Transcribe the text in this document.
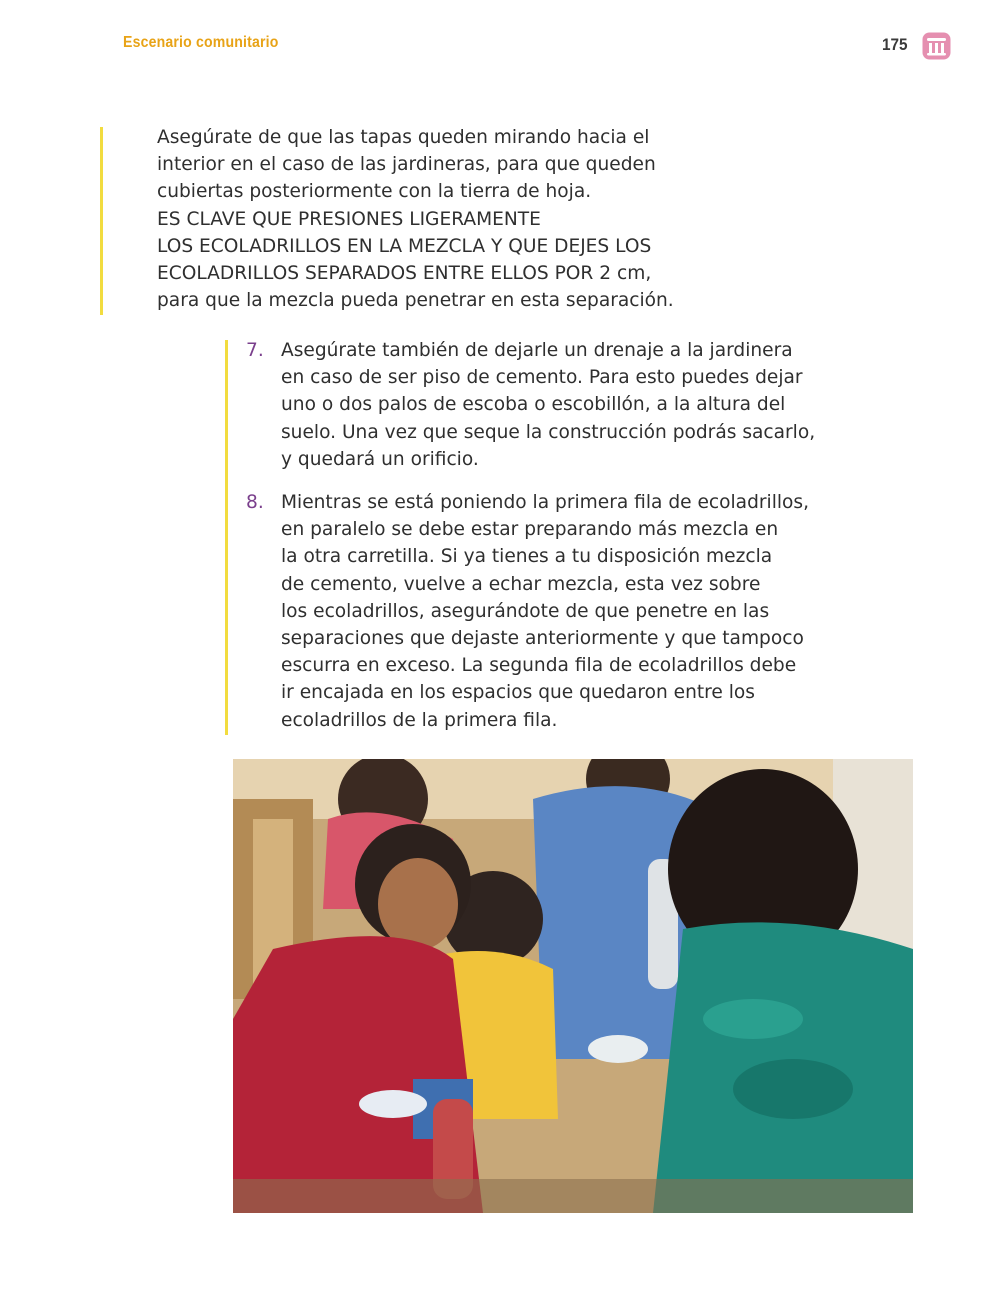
Escenario comunitario	175
Asegúrate de que las tapas queden mirando hacia el
interior en el caso de las jardineras, para que queden
cubiertas posteriormente con la tierra de hoja.
ES CLAVE QUE PRESIONES LIGERAMENTE
LOS ECOLADRILLOS EN LA MEZCLA Y QUE DEJES LOS
ECOLADRILLOS SEPARADOS ENTRE ELLOS POR 2 cm,
para que la mezcla pueda penetrar en esta separación.
7. Asegúrate también de dejarle un drenaje a la jardinera
en caso de ser piso de cemento. Para esto puedes dejar
uno o dos palos de escoba o escobillón, a la altura del
suelo. Una vez que seque la construcción podrás sacarlo,
y quedará un orificio.
8. Mientras se está poniendo la primera fila de ecoladrillos,
en paralelo se debe estar preparando más mezcla en
la otra carretilla. Si ya tienes a tu disposición mezcla
de cemento, vuelve a echar mezcla, esta vez sobre
los ecoladrillos, asegurándote de que penetre en las
separaciones que dejaste anteriormente y que tampoco
escurra en exceso. La segunda fila de ecoladrillos debe
ir encajada en los espacios que quedaron entre los
ecoladrillos de la primera fila.
